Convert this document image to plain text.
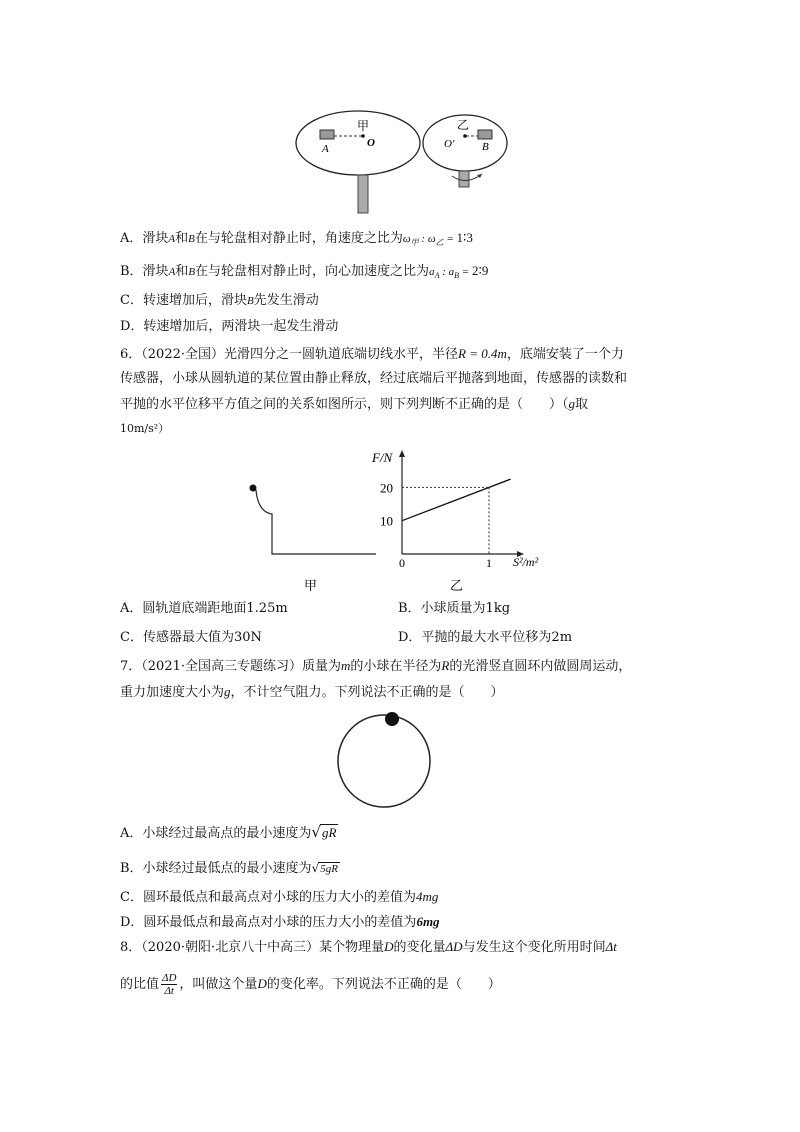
甲	乙
A	O	O′	B
A．滑块A和B在与轮盘相对静止时，角速度之比为$\omega_甲$ : $\omega_乙$ = 1∶3
B．滑块A和B在与轮盘相对静止时，向心加速度之比为$a_A$ : $a_B$ = 2∶9
C．转速增加后，滑块B先发生滑动
D．转速增加后，两滑块一起发生滑动
6．（2022·全国）光滑四分之一圆轨道底端切线水平，半径R = 0.4m，底端安装了一个力
传感器，小球从圆轨道的某位置由静止释放，经过底端后平抛落到地面，传感器的读数和
平抛的水平位移平方值之间的关系如图所示，则下列判断不正确的是（　　）（g取
10m/s²）
甲
F/N
S²/m²
乙
10
20
0	1
A．圆轨道底端距地面1.25m	B．小球质量为1kg
C．传感器最大值为30N	D．平抛的最大水平位移为2m
7．（2021·全国高三专题练习）质量为m的小球在半径为R的光滑竖直圆环内做圆周运动，
重力加速度大小为g，不计空气阻力。下列说法不正确的是（　　）
A．小球经过最高点的最小速度为√gR
B．小球经过最低点的最小速度为√5gR
C．圆环最低点和最高点对小球的压力大小的差值为4mg
D．圆环最低点和最高点对小球的压力大小的差值为6mg
8．（2020·朝阳·北京八十中高三）某个物理量D的变化量ΔD与发生这个变化所用时间Δt
的比值 $\frac{\Delta D}{\Delta t}$ ，叫做这个量D的变化率。下列说法不正确的是（　　）
